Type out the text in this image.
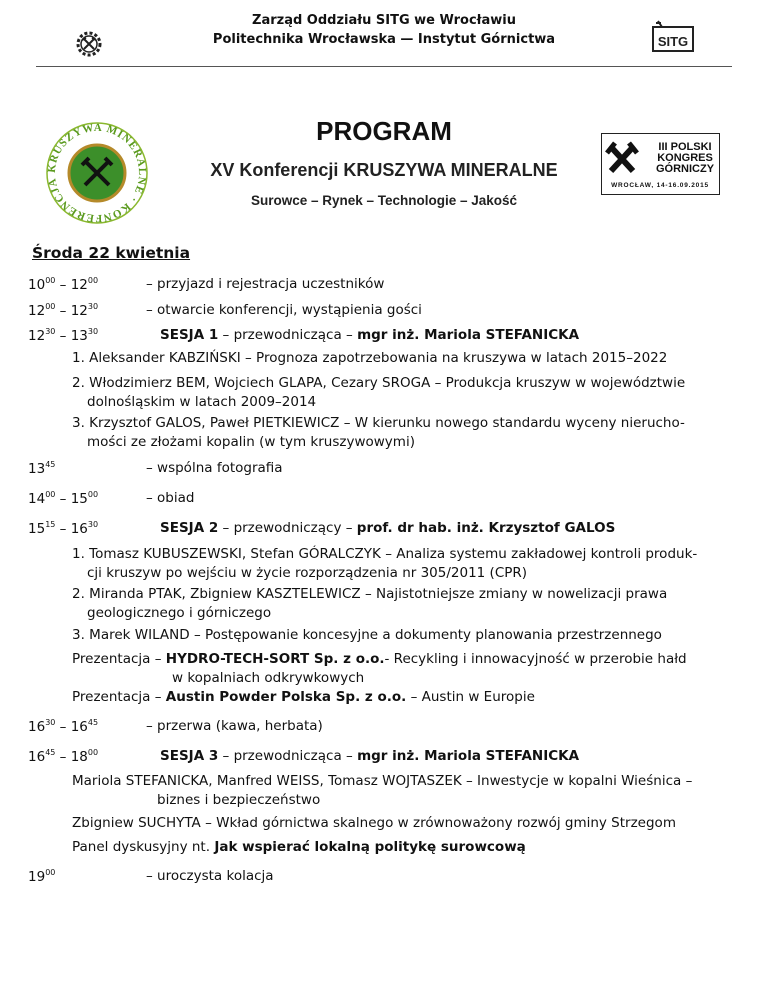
Zarząd Oddziału SITG we Wrocławiu
Politechnika Wrocławska — Instytut Górnictwa	SITG
KRUSZYWA MINERALNE · KONFERENCJA
PROGRAM
XV Konferencji KRUSZYWA MINERALNE
Surowce – Rynek – Technologie – Jakość
III POLSKI
KONGRES
GÓRNICZY
WROCŁAW, 14-16.09.2015
Środa 22 kwietnia
$10^{00} - 12^{00}$	– przyjazd i rejestracja uczestników
$12^{00} - 12^{30}$	– otwarcie konferencji, wystąpienia gości
$12^{30} - 13^{30}$	SESJA 1 – przewodnicząca – mgr inż. Mariola STEFANICKA
1. Aleksander KABZIŃSKI – Prognoza zapotrzebowania na kruszywa w latach 2015–2022
2. Włodzimierz BEM, Wojciech GLAPA, Cezary SROGA – Produkcja kruszyw w województwie
dolnośląskim w latach 2009–2014
3. Krzysztof GALOS, Paweł PIETKIEWICZ – W kierunku nowego standardu wyceny nierucho-
mości ze złożami kopalin (w tym kruszywowymi)
$13^{45}$	– wspólna fotografia
$14^{00} - 15^{00}$	– obiad
$15^{15} - 16^{30}$	SESJA 2 – przewodniczący – prof. dr hab. inż. Krzysztof GALOS
1. Tomasz KUBUSZEWSKI, Stefan GÓRALCZYK – Analiza systemu zakładowej kontroli produk-
cji kruszyw po wejściu w życie rozporządzenia nr 305/2011 (CPR)
2. Miranda PTAK, Zbigniew KASZTELEWICZ – Najistotniejsze zmiany w nowelizacji prawa
geologicznego i górniczego
3. Marek WILAND – Postępowanie koncesyjne a dokumenty planowania przestrzennego
Prezentacja – HYDRO-TECH-SORT Sp. z o.o.- Recykling i innowacyjność w przerobie hałd
w kopalniach odkrywkowych
Prezentacja – Austin Powder Polska Sp. z o.o. – Austin w Europie
$16^{30} - 16^{45}$	– przerwa (kawa, herbata)
$16^{45} - 18^{00}$	SESJA 3 – przewodnicząca – mgr inż. Mariola STEFANICKA
Mariola STEFANICKA, Manfred WEISS, Tomasz WOJTASZEK – Inwestycje w kopalni Wieśnica –
biznes i bezpieczeństwo
Zbigniew SUCHYTA – Wkład górnictwa skalnego w zrównoważony rozwój gminy Strzegom
Panel dyskusyjny nt. Jak wspierać lokalną politykę surowcową
$19^{00}$	– uroczysta kolacja
